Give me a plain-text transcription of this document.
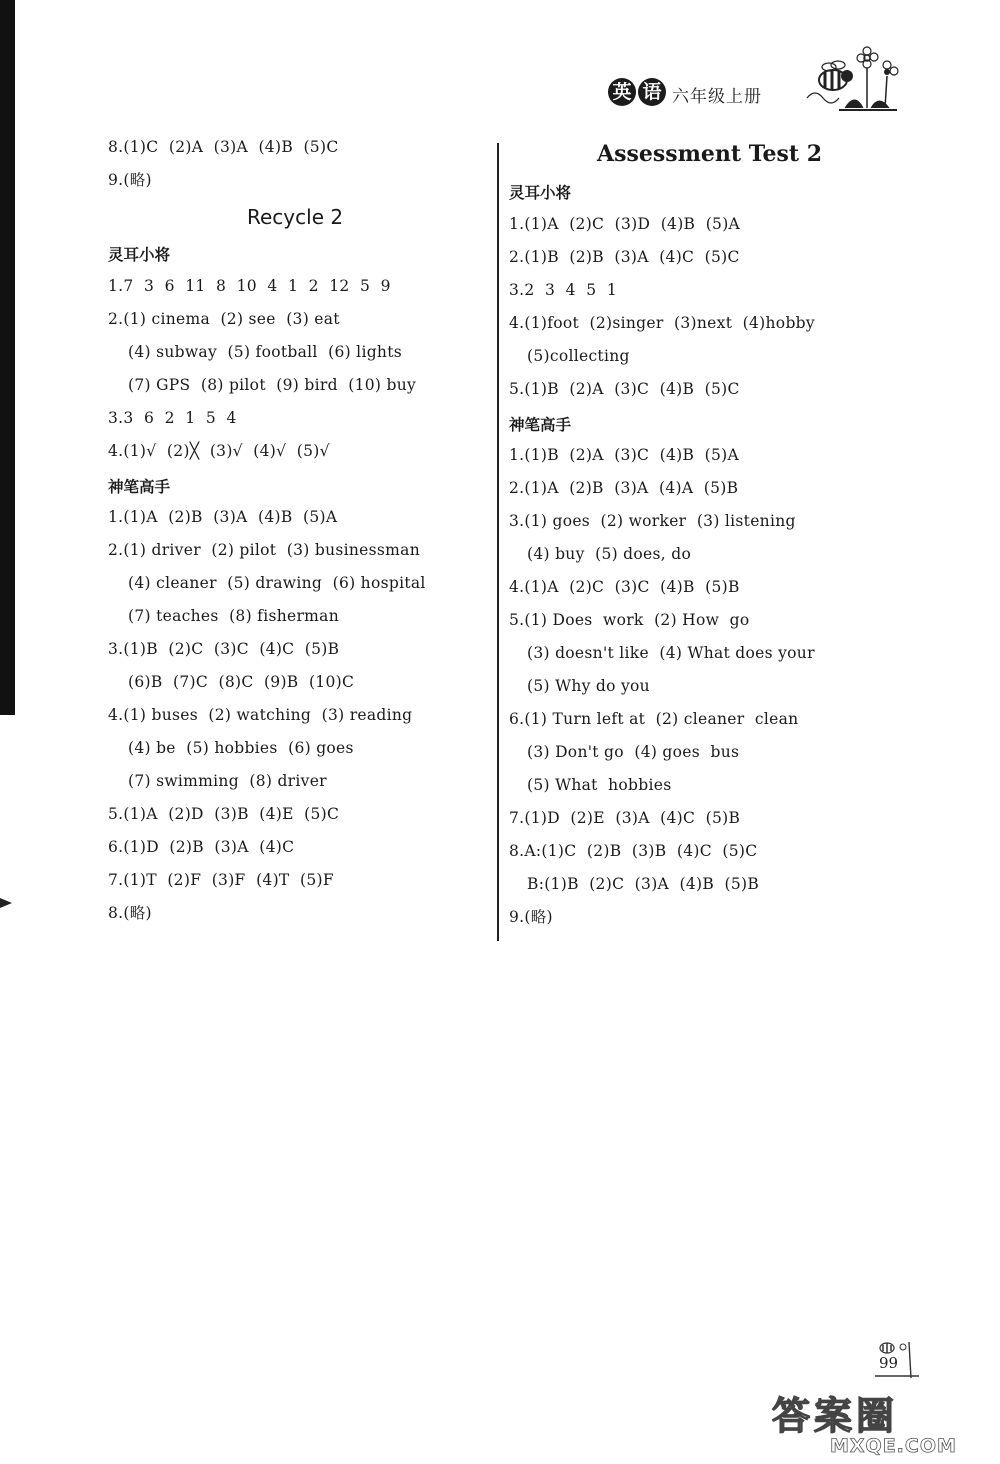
英 语 六年级上册
8.(1)C  (2)A  (3)A  (4)B  (5)C
9.(略)
Recycle 2
灵耳小将
1.7  3  6  11  8  10  4  1  2  12  5  9
2.(1) cinema  (2) see  (3) eat
(4) subway  (5) football  (6) lights
(7) GPS  (8) pilot  (9) bird  (10) buy
3.3  6  2  1  5  4
4.(1)√  (2)╳  (3)√  (4)√  (5)√
神笔高手
1.(1)A  (2)B  (3)A  (4)B  (5)A
2.(1) driver  (2) pilot  (3) businessman
(4) cleaner  (5) drawing  (6) hospital
(7) teaches  (8) fisherman
3.(1)B  (2)C  (3)C  (4)C  (5)B
(6)B  (7)C  (8)C  (9)B  (10)C
4.(1) buses  (2) watching  (3) reading
(4) be  (5) hobbies  (6) goes
(7) swimming  (8) driver
5.(1)A  (2)D  (3)B  (4)E  (5)C
6.(1)D  (2)B  (3)A  (4)C
7.(1)T  (2)F  (3)F  (4)T  (5)F
8.(略)
Assessment Test 2
灵耳小将
1.(1)A  (2)C  (3)D  (4)B  (5)A
2.(1)B  (2)B  (3)A  (4)C  (5)C
3.2  3  4  5  1
4.(1)foot  (2)singer  (3)next  (4)hobby
(5)collecting
5.(1)B  (2)A  (3)C  (4)B  (5)C
神笔高手
1.(1)B  (2)A  (3)C  (4)B  (5)A
2.(1)A  (2)B  (3)A  (4)A  (5)B
3.(1) goes  (2) worker  (3) listening
(4) buy  (5) does, do
4.(1)A  (2)C  (3)C  (4)B  (5)B
5.(1) Does  work  (2) How  go
(3) doesn't like  (4) What does your
(5) Why do you
6.(1) Turn left at  (2) cleaner  clean
(3) Don't go  (4) goes  bus
(5) What  hobbies
7.(1)D  (2)E  (3)A  (4)C  (5)B
8.A:(1)C  (2)B  (3)B  (4)C  (5)C
B:(1)B  (2)C  (3)A  (4)B  (5)B
9.(略)
99
答案圈
MXQE.COM
